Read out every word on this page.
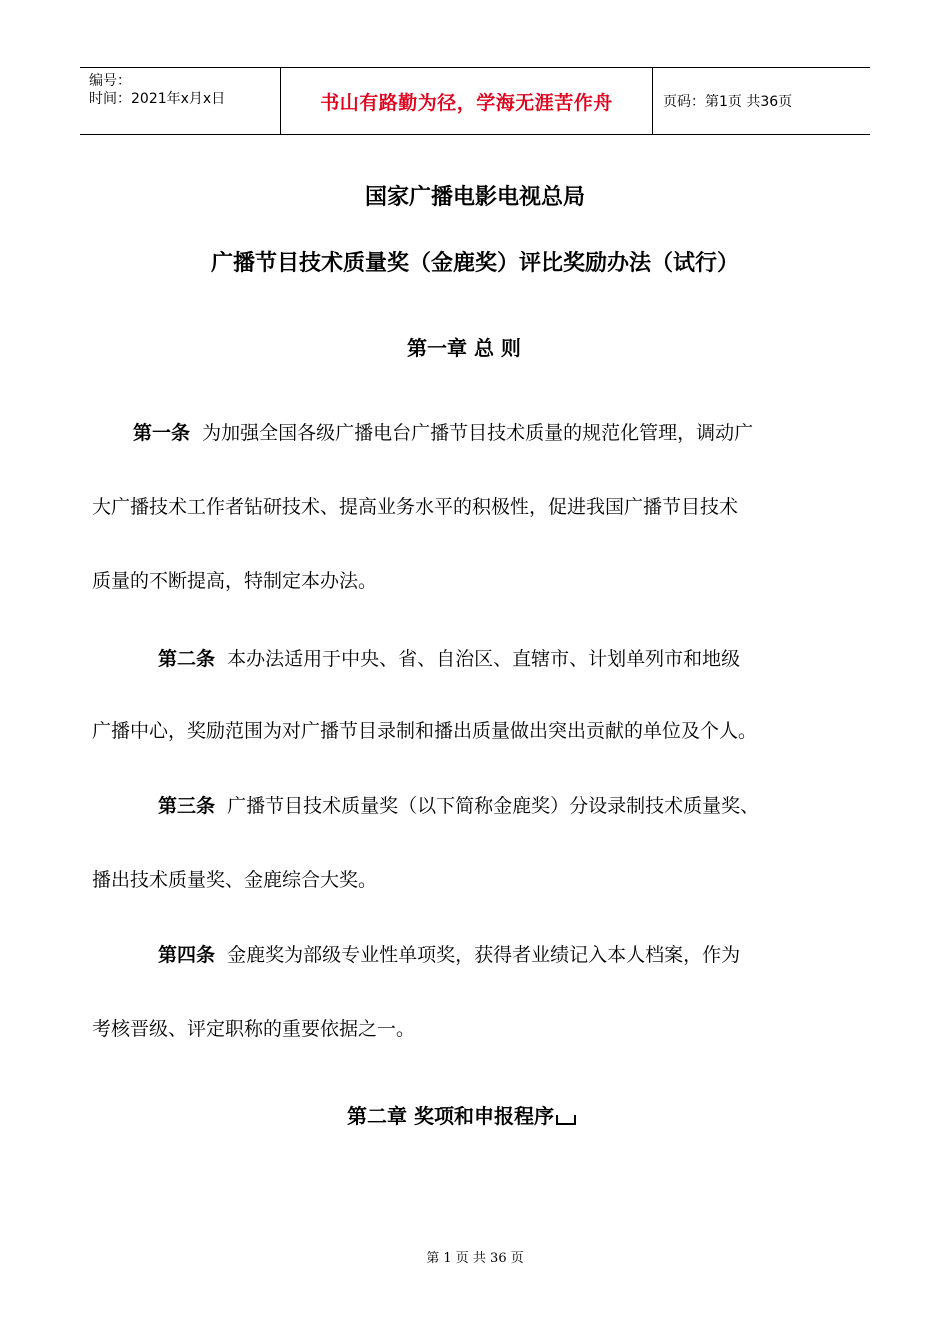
编号：
时间：2021年x月x日	书山有路勤为径，学海无涯苦作舟	页码：第1页 共36页
国家广播电影电视总局
广播节目技术质量奖（金鹿奖）评比奖励办法（试行）
第一章 总 则
第一条 为加强全国各级广播电台广播节目技术质量的规范化管理，调动广
大广播技术工作者钻研技术、提高业务水平的积极性，促进我国广播节目技术
质量的不断提高，特制定本办法。
第二条 本办法适用于中央、省、自治区、直辖市、计划单列市和地级
广播中心，奖励范围为对广播节目录制和播出质量做出突出贡献的单位及个人。
第三条 广播节目技术质量奖（以下简称金鹿奖）分设录制技术质量奖、
播出技术质量奖、金鹿综合大奖。
第四条 金鹿奖为部级专业性单项奖，获得者业绩记入本人档案，作为
考核晋级、评定职称的重要依据之一。
第二章 奖项和申报程序
第 1 页 共 36 页
